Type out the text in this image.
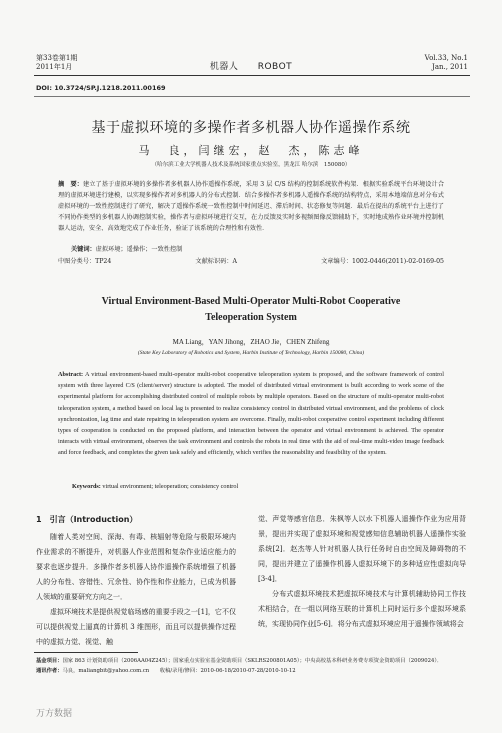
第33卷第1期
2011年1月	机器人 ROBOT
Vol.33, No.1
Jan., 2011
DOI: 10.3724/SP.J.1218.2011.00169
基于虚拟环境的多操作者多机器人协作遥操作系统
马　良，闫继宏，赵　杰，陈志峰
（哈尔滨工业大学机器人技术及系统国家重点实验室，黑龙江 哈尔滨　150080）
摘　要：建立了基于虚拟环境的多操作者多机器人协作遥操作系统，采用 3 层 C/S 结构的控制系统软件构架．根据实验系统平台环境设计合理的虚拟环境进行建模，以实现多操作者对多机器人的分布式控制．结合多操作者多机器人遥操作系统的结构特点，采用本地端信息对分布式虚拟环境的一致性控制进行了研究，解决了遥操作系统一致性控制中时间延迟、滞后时间、状态修复等问题．最后在提出的系统平台上进行了不同协作类型的多机器人协调控制实验，操作者与虚拟环境进行交互，在力反馈及实时多视频图像反馈辅助下，实时地成熟作业环境并控制机器人运动，安全、高效地完成了作业任务，验证了该系统的合理性和有效性．
关键词：虚拟环境；遥操作；一致性控制
中图分类号：TP24	文献标识码：A	文章编号：1002-0446(2011)-02-0169-05
Virtual Environment-Based Multi-Operator Multi-Robot Cooperative
Teleoperation System
MA Liang，YAN Jihong，ZHAO Jie，CHEN Zhifeng
(State Key Laboratory of Robotics and System, Harbin Institute of Technology, Harbin 150080, China)
Abstract: A virtual environment-based multi-operator multi-robot cooperative teleoperation system is proposed, and the software framework of control system with three layered C/S (client/server) structure is adopted. The model of distributed virtual environment is built according to work scene of the experimental platform for accomplishing distributed control of multiple robots by multiple operators. Based on the structure of multi-operator multi-robot teleoperation system, a method based on local lag is presented to realize consistency control in distributed virtual environment, and the problems of clock synchronization, lag time and state repairing in teleoperation system are overcome. Finally, multi-robot cooperative control experiment including different types of cooperation is conducted on the proposed platform, and interaction between the operator and virtual environment is achieved. The operator interacts with virtual environment, observes the task environment and controls the robots in real time with the aid of real-time multi-video image feedback and force feedback, and completes the given task safely and efficiently, which verifies the reasonability and feasibility of the system.
Keywords: virtual environment; teleoperation; consistency control
1　引言（Introduction）

随着人类对空间、深海、有毒、核辐射等危险与极限环境内作业需求的不断提升，对机器人作业范围和复杂作业适应能力的要求也逐步提升．多操作者多机器人协作遥操作系统增强了机器人的分布性、容错性、冗余性、协作性和作业能力，已成为机器人领域的重要研究方向之一．

虚拟环境技术是提供视觉临场感的重要手段之一[1]，它不仅可以提供视觉上逼真的计算机 3 维图形，而且可以提供操作过程中的虚拟力觉、视觉、触

觉、声觉等感官信息．朱枫等人以水下机器人遥操作作业为应用背景，提出并实现了虚拟环境和视觉感知信息辅助机器人遥操作实验系统[2]．赵杰等人针对机器人执行任务时自由空间及障碍物的不同，提出并建立了遥操作机器人虚拟环境下的多种适应性虚拟向导[3-4]．

分布式虚拟环境技术把虚拟环境技术与计算机辅助协同工作技术相结合，在一组以网络互联的计算机上同时运行多个虚拟环境系统，实现协同作业[5-6]．将分布式虚拟环境应用于遥操作领域将会

基金项目：国家 863 计划资助项目（2006AA04Z245）；国家重点实验室基金资助项目（SKLRS200801A05）；中央高校基本科研业务费专项资金资助项目（2009024）．
通讯作者：马良，maliangbit@yahoo.com.cn　　收稿/录用/修回：2010-06-18/2010-07-28/2010-10-12
万方数据
